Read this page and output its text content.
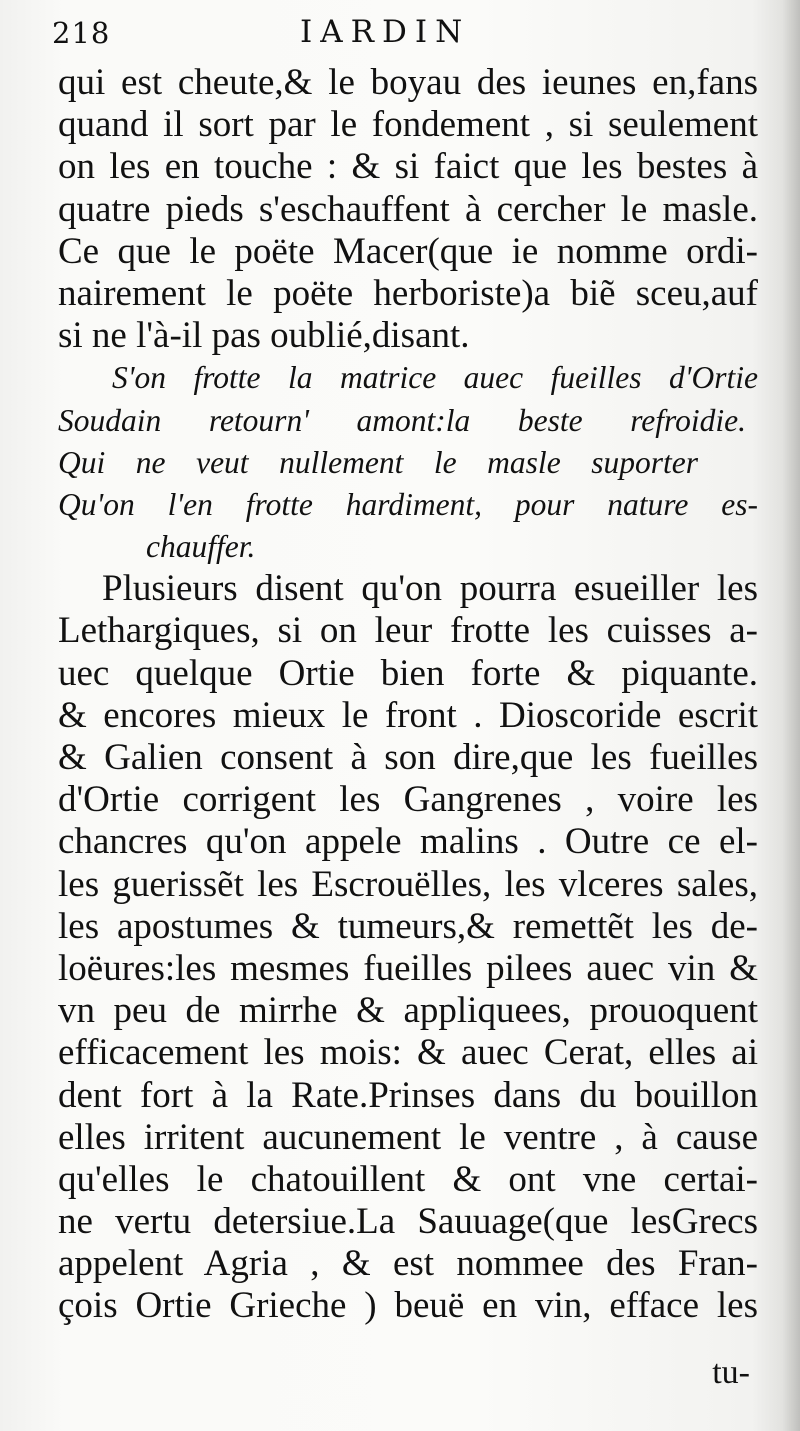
218	IARDIN
qui est cheute,& le boyau des ieunes en,fans
quand il sort par le fondement , si seulement
on les en touche : & si faict que les bestes à
quatre pieds s'eschauffent à cercher le masle.
Ce que le poëte Macer(que ie nomme ordi-
nairement le poëte herboriste)a biẽ sceu,auf
si ne l'à-il pas oublié,disant.
S'on frotte la matrice auec fueilles d'Ortie
Soudain retourn' amont:la beste refroidie.
Qui ne veut nullement le masle suporter
Qu'on l'en frotte hardiment, pour nature es-
chauffer.
Plusieurs disent qu'on pourra esueiller les
Lethargiques, si on leur frotte les cuisses a-
uec quelque Ortie bien forte & piquante.
& encores mieux le front . Dioscoride escrit
& Galien consent à son dire,que les fueilles
d'Ortie corrigent les Gangrenes , voire les
chancres qu'on appele malins . Outre ce el-
les guerissẽt les Escrouëlles, les vlceres sales,
les apostumes & tumeurs,& remettẽt les de-
loëures:les mesmes fueilles pilees auec vin &
vn peu de mirrhe & appliquees, prouoquent
efficacement les mois: & auec Cerat, elles ai
dent fort à la Rate.Prinses dans du bouillon
elles irritent aucunement le ventre , à cause
qu'elles le chatouillent & ont vne certai-
ne vertu detersiue.La Sauuage(que lesGrecs
appelent Agria , & est nommee des Fran-
çois Ortie Grieche ) beuë en vin, efface les
tu-
